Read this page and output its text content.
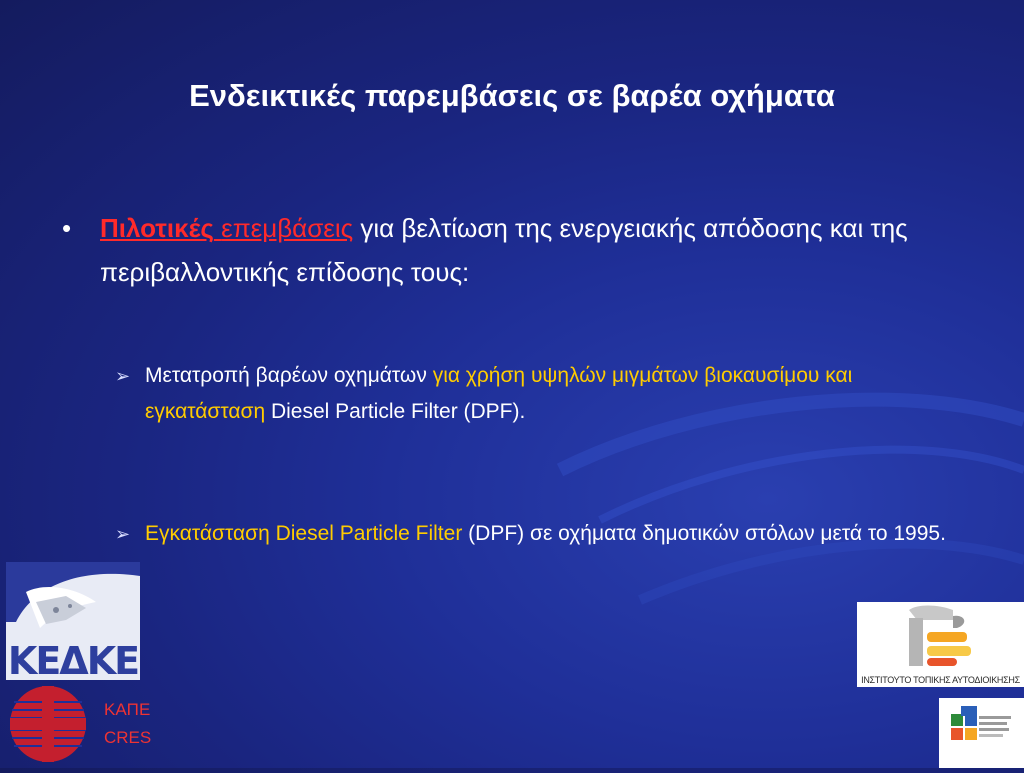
Ενδεικτικές παρεμβάσεις σε βαρέα οχήματα
•	Πιλοτικές επεμβάσεις για βελτίωση της ενεργειακής απόδοσης και της περιβαλλοντικής επίδοσης τους:
➢ Μετατροπή βαρέων οχημάτων για χρήση υψηλών μιγμάτων βιοκαυσίμου και εγκατάσταση Diesel Particle Filter (DPF).
➢ Εγκατάσταση Diesel Particle Filter (DPF) σε οχήματα δημοτικών στόλων μετά το 1995.
ΚΕΔΚΕ
ΚΑΠΕ
CRES
ΙΝΣΤΙΤΟΥΤΟ ΤΟΠΙΚΗΣ ΑΥΤΟΔΙΟΙΚΗΣΗΣ
